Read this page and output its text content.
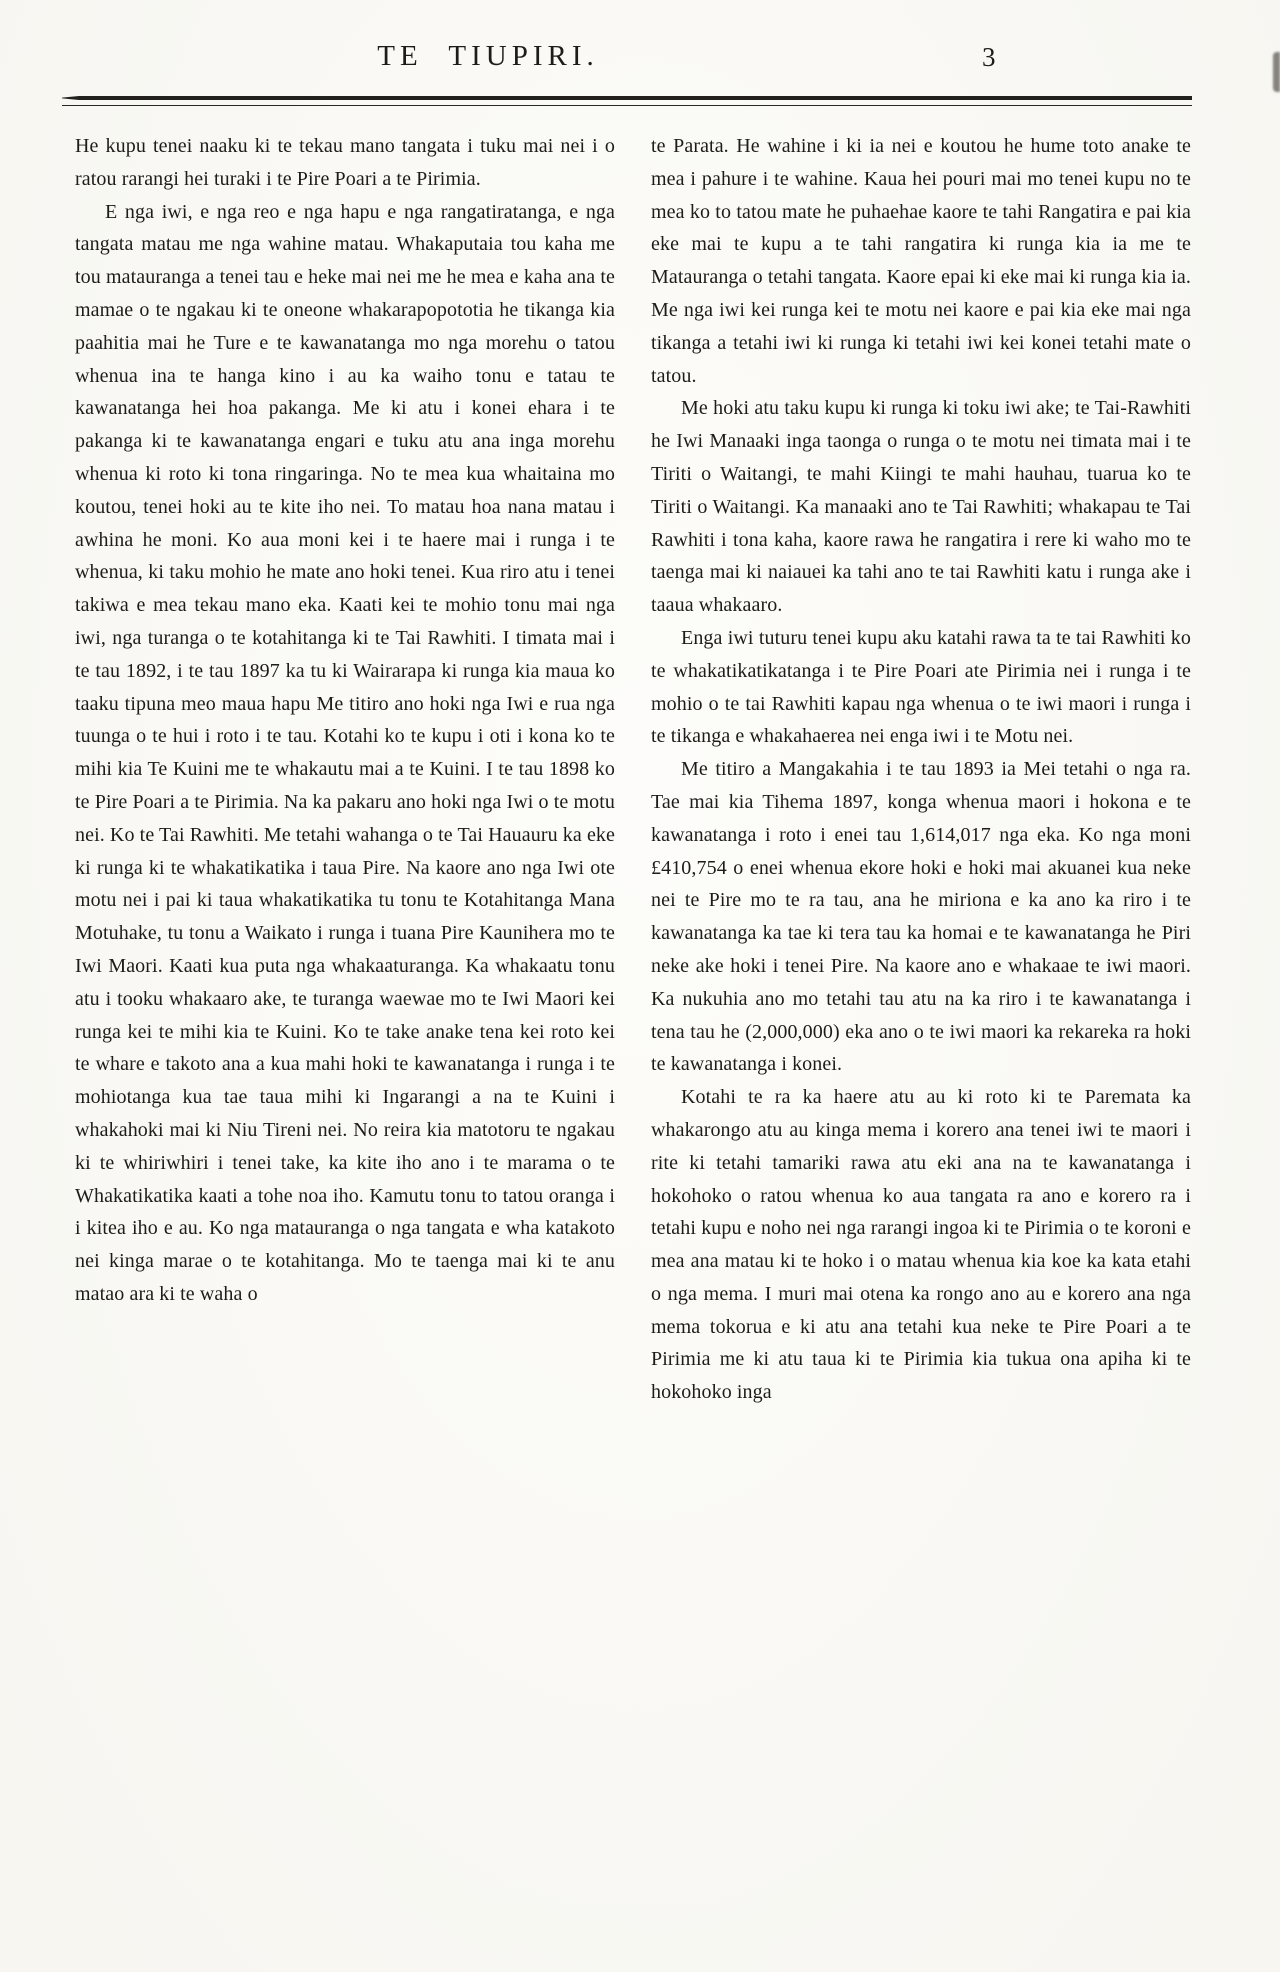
TE TIUPIRI.	3

He kupu tenei naaku ki te tekau mano tangata i tuku mai nei i o ratou rarangi hei turaki i te Pire Poari a te Pirimia.

E nga iwi, e nga reo e nga hapu e nga rangatiratanga, e nga tangata matau me nga wahine matau. Whakaputaia tou kaha me tou matauranga a tenei tau e heke mai nei me he mea e kaha ana te mamae o te ngakau ki te oneone whakarapopototia he tikanga kia paahitia mai he Ture e te kawanatanga mo nga morehu o tatou whenua ina te hanga kino i au ka waiho tonu e tatau te kawanatanga hei hoa pakanga. Me ki atu i konei ehara i te pakanga ki te kawanatanga engari e tuku atu ana inga morehu whenua ki roto ki tona ringaringa. No te mea kua whaitaina mo koutou, tenei hoki au te kite iho nei. To matau hoa nana matau i awhina he moni. Ko aua moni kei i te haere mai i runga i te whenua, ki taku mohio he mate ano hoki tenei. Kua riro atu i tenei takiwa e mea tekau mano eka. Kaati kei te mohio tonu mai nga iwi, nga turanga o te kotahitanga ki te Tai Rawhiti. I timata mai i te tau 1892, i te tau 1897 ka tu ki Wairarapa ki runga kia maua ko taaku tipuna meo maua hapu Me titiro ano hoki nga Iwi e rua nga tuunga o te hui i roto i te tau. Kotahi ko te kupu i oti i kona ko te mihi kia Te Kuini me te whakautu mai a te Kuini. I te tau 1898 ko te Pire Poari a te Pirimia. Na ka pakaru ano hoki nga Iwi o te motu nei. Ko te Tai Rawhiti. Me tetahi wahanga o te Tai Hauauru ka eke ki runga ki te whakatikatika i taua Pire. Na kaore ano nga Iwi ote motu nei i pai ki taua whakatikatika tu tonu te Kotahitanga Mana Motuhake, tu tonu a Waikato i runga i tuana Pire Kaunihera mo te Iwi Maori. Kaati kua puta nga whakaaturanga. Ka whakaatu tonu atu i tooku whakaaro ake, te turanga waewae mo te Iwi Maori kei runga kei te mihi kia te Kuini. Ko te take anake tena kei roto kei te whare e takoto ana a kua mahi hoki te kawanatanga i runga i te mohiotanga kua tae taua mihi ki Ingarangi a na te Kuini i whakahoki mai ki Niu Tireni nei. No reira kia matotoru te ngakau ki te whiriwhiri i tenei take, ka kite iho ano i te marama o te Whakatikatika kaati a tohe noa iho. Kamutu tonu to tatou oranga i i kitea iho e au. Ko nga matauranga o nga tangata e wha katakoto nei kinga marae o te kotahitanga. Mo te taenga mai ki te anu matao ara ki te waha o

te Parata. He wahine i ki ia nei e koutou he hume toto anake te mea i pahure i te wahine. Kaua hei pouri mai mo tenei kupu no te mea ko to tatou mate he puhaehae kaore te tahi Rangatira e pai kia eke mai te kupu a te tahi rangatira ki runga kia ia me te Matauranga o tetahi tangata. Kaore epai ki eke mai ki runga kia ia. Me nga iwi kei runga kei te motu nei kaore e pai kia eke mai nga tikanga a tetahi iwi ki runga ki tetahi iwi kei konei tetahi mate o tatou.

Me hoki atu taku kupu ki runga ki toku iwi ake; te Tai-Rawhiti he Iwi Manaaki inga taonga o runga o te motu nei timata mai i te Tiriti o Waitangi, te mahi Kiingi te mahi hauhau, tuarua ko te Tiriti o Waitangi. Ka manaaki ano te Tai Rawhiti; whakapau te Tai Rawhiti i tona kaha, kaore rawa he rangatira i rere ki waho mo te taenga mai ki naiauei ka tahi ano te tai Rawhiti katu i runga ake i taaua whakaaro.

Enga iwi tuturu tenei kupu aku katahi rawa ta te tai Rawhiti ko te whakatikatikatanga i te Pire Poari ate Pirimia nei i runga i te mohio o te tai Rawhiti kapau nga whenua o te iwi maori i runga i te tikanga e whakahaerea nei enga iwi i te Motu nei.

Me titiro a Mangakahia i te tau 1893 ia Mei tetahi o nga ra. Tae mai kia Tihema 1897, konga whenua maori i hokona e te kawanatanga i roto i enei tau 1,614,017 nga eka. Ko nga moni £410,754 o enei whenua ekore hoki e hoki mai akuanei kua neke nei te Pire mo te ra tau, ana he miriona e ka ano ka riro i te kawanatanga ka tae ki tera tau ka homai e te kawanatanga he Piri neke ake hoki i tenei Pire. Na kaore ano e whakaae te iwi maori. Ka nukuhia ano mo tetahi tau atu na ka riro i te kawanatanga i tena tau he (2,000,000) eka ano o te iwi maori ka rekareka ra hoki te kawanatanga i konei.

Kotahi te ra ka haere atu au ki roto ki te Paremata ka whakarongo atu au kinga mema i korero ana tenei iwi te maori i rite ki tetahi tamariki rawa atu eki ana na te kawanatanga i hokohoko o ratou whenua ko aua tangata ra ano e korero ra i tetahi kupu e noho nei nga rarangi ingoa ki te Pirimia o te koroni e mea ana matau ki te hoko i o matau whenua kia koe ka kata etahi o nga mema. I muri mai otena ka rongo ano au e korero ana nga mema tokorua e ki atu ana tetahi kua neke te Pire Poari a te Pirimia me ki atu taua ki te Pirimia kia tukua ona apiha ki te hokohoko inga
